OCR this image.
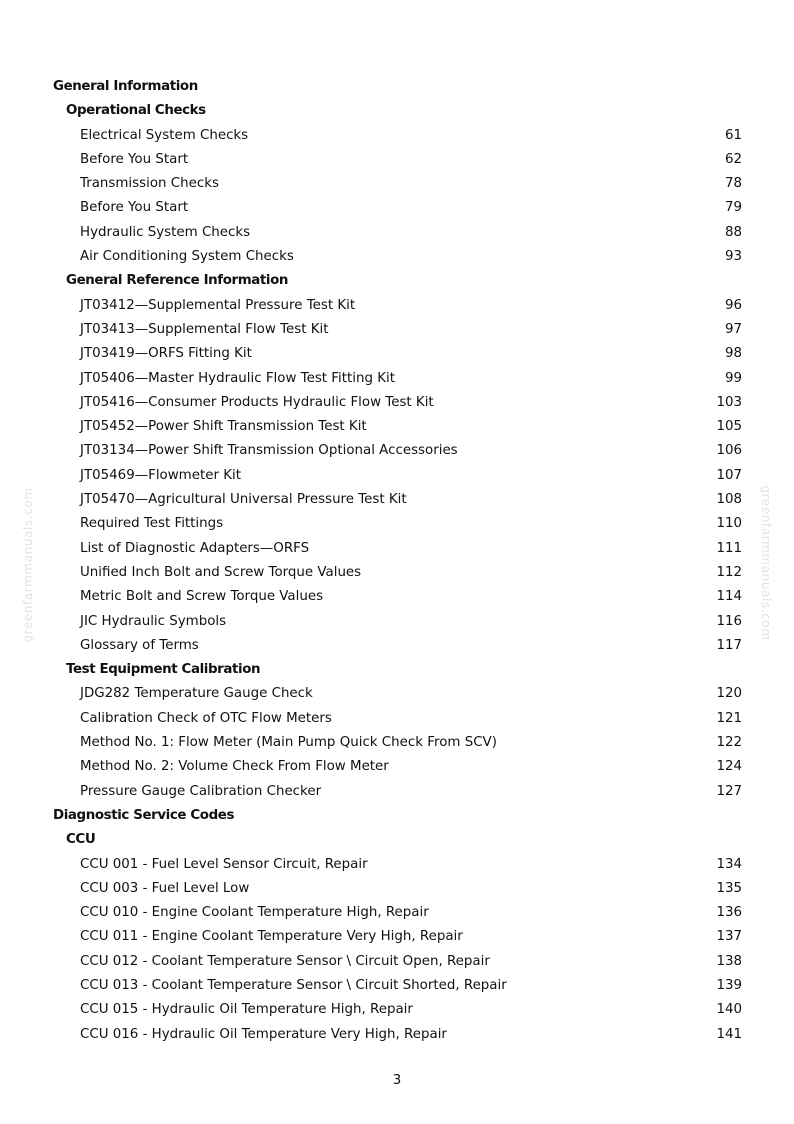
greenfarmmanuals.com	greenfarmmanuals.com
General Information
Operational Checks
Electrical System Checks	61
Before You Start	62
Transmission Checks	78
Before You Start	79
Hydraulic System Checks	88
Air Conditioning System Checks	93
General Reference Information
JT03412—Supplemental Pressure Test Kit	96
JT03413—Supplemental Flow Test Kit	97
JT03419—ORFS Fitting Kit	98
JT05406—Master Hydraulic Flow Test Fitting Kit	99
JT05416—Consumer Products Hydraulic Flow Test Kit	103
JT05452—Power Shift Transmission Test Kit	105
JT03134—Power Shift Transmission Optional Accessories	106
JT05469—Flowmeter Kit	107
JT05470—Agricultural Universal Pressure Test Kit	108
Required Test Fittings	110
List of Diagnostic Adapters—ORFS	111
Unified Inch Bolt and Screw Torque Values	112
Metric Bolt and Screw Torque Values	114
JIC Hydraulic Symbols	116
Glossary of Terms	117
Test Equipment Calibration
JDG282 Temperature Gauge Check	120
Calibration Check of OTC Flow Meters	121
Method No. 1: Flow Meter (Main Pump Quick Check From SCV)	122
Method No. 2: Volume Check From Flow Meter	124
Pressure Gauge Calibration Checker	127
Diagnostic Service Codes
CCU
CCU 001 - Fuel Level Sensor Circuit, Repair	134
CCU 003 - Fuel Level Low	135
CCU 010 - Engine Coolant Temperature High, Repair	136
CCU 011 - Engine Coolant Temperature Very High, Repair	137
CCU 012 - Coolant Temperature Sensor \ Circuit Open, Repair	138
CCU 013 - Coolant Temperature Sensor \ Circuit Shorted, Repair	139
CCU 015 - Hydraulic Oil Temperature High, Repair	140
CCU 016 - Hydraulic Oil Temperature Very High, Repair	141
3
